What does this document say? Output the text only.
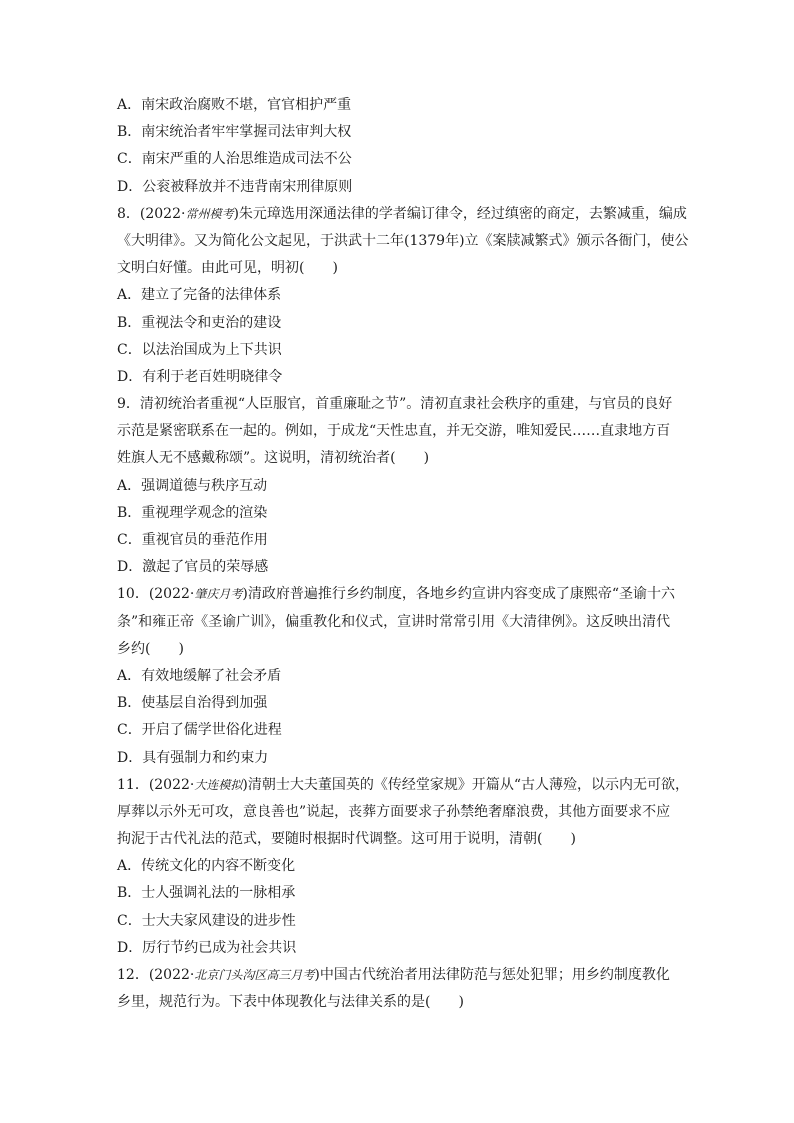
A．南宋政治腐败不堪，官官相护严重
B．南宋统治者牢牢掌握司法审判大权
C．南宋严重的人治思维造成司法不公
D．公衮被释放并不违背南宋刑律原则
8．(2022·常州模考)朱元璋选用深通法律的学者编订律令，经过缜密的商定，去繁减重，编成
《大明律》。又为简化公文起见，于洪武十二年(1379年)立《案牍减繁式》颁示各衙门，使公
文明白好懂。由此可见，明初(　　)
A．建立了完备的法律体系
B．重视法令和吏治的建设
C．以法治国成为上下共识
D．有利于老百姓明晓律令
9．清初统治者重视“人臣服官，首重廉耻之节”。清初直隶社会秩序的重建，与官员的良好
示范是紧密联系在一起的。例如，于成龙“天性忠直，并无交游，唯知爱民……直隶地方百
姓旗人无不感戴称颂”。这说明，清初统治者(　　)
A．强调道德与秩序互动
B．重视理学观念的渲染
C．重视官员的垂范作用
D．激起了官员的荣辱感
10．(2022·肇庆月考)清政府普遍推行乡约制度，各地乡约宣讲内容变成了康熙帝“圣谕十六
条”和雍正帝《圣谕广训》，偏重教化和仪式，宣讲时常常引用《大清律例》。这反映出清代
乡约(　　)
A．有效地缓解了社会矛盾
B．使基层自治得到加强
C．开启了儒学世俗化进程
D．具有强制力和约束力
11．(2022·大连模拟)清朝士大夫董国英的《传经堂家规》开篇从“古人薄殓，以示内无可欲，
厚葬以示外无可攻，意良善也”说起，丧葬方面要求子孙禁绝奢靡浪费，其他方面要求不应
拘泥于古代礼法的范式，要随时根据时代调整。这可用于说明，清朝(　　)
A．传统文化的内容不断变化
B．士人强调礼法的一脉相承
C．士大夫家风建设的进步性
D．厉行节约已成为社会共识
12．(2022·北京门头沟区高三月考)中国古代统治者用法律防范与惩处犯罪；用乡约制度教化
乡里，规范行为。下表中体现教化与法律关系的是(　　)
